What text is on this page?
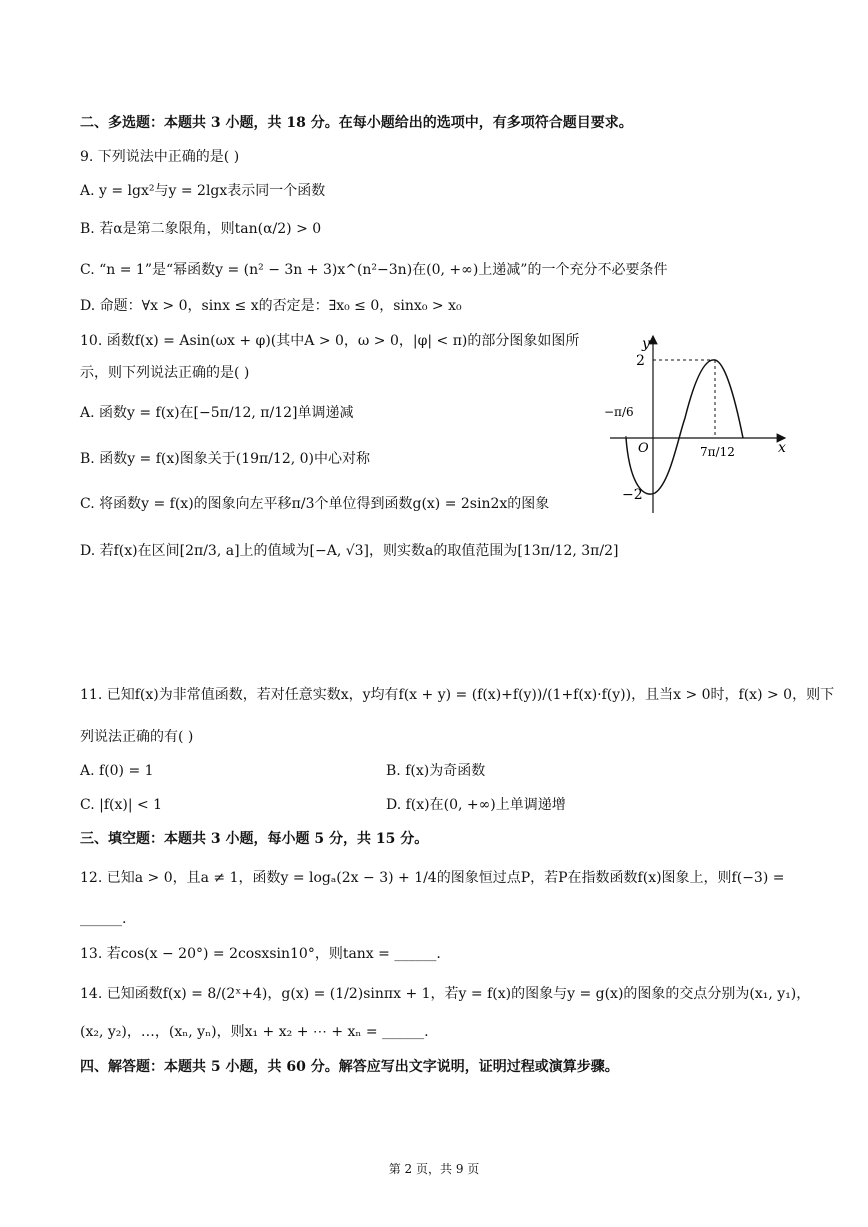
二、多选题：本题共 3 小题，共 18 分。在每小题给出的选项中，有多项符合题目要求。
9. 下列说法中正确的是( )
A. y = lgx²与y = 2lgx表示同一个函数
B. 若α是第二象限角，则tan(α/2) > 0
C. “n = 1”是“幂函数y = (n² − 3n + 3)x^(n²−3n)在(0, +∞)上递减”的一个充分不必要条件
D. 命题：∀x > 0，sinx ≤ x的否定是：∃x₀ ≤ 0，sinx₀ > x₀
10. 函数f(x) = Asin(ωx + φ)(其中A > 0，ω > 0，|φ| < π)的部分图象如图所
示，则下列说法正确的是( )
A. 函数y = f(x)在[−5π/12, π/12]单调递减
B. 函数y = f(x)图象关于(19π/12, 0)中心对称
C. 将函数y = f(x)的图象向左平移π/3个单位得到函数g(x) = 2sin2x的图象
D. 若f(x)在区间[2π/3, a]上的值域为[−A, √3]，则实数a的取值范围为[13π/12, 3π/2]
y
x
O
2
−2
−π/6
7π/12
11. 已知f(x)为非常值函数，若对任意实数x，y均有f(x + y) = (f(x)+f(y))/(1+f(x)·f(y))，且当x > 0时，f(x) > 0，则下
列说法正确的有( )
A. f(0) = 1	B. f(x)为奇函数
C. |f(x)| < 1	D. f(x)在(0, +∞)上单调递增
三、填空题：本题共 3 小题，每小题 5 分，共 15 分。
12. 已知a > 0，且a ≠ 1，函数y = logₐ(2x − 3) + 1/4的图象恒过点P，若P在指数函数f(x)图象上，则f(−3) =
______.
13. 若cos(x − 20°) = 2cosxsin10°，则tanx = ______.
14. 已知函数f(x) = 8/(2ˣ+4)，g(x) = (1/2)sinπx + 1，若y = f(x)的图象与y = g(x)的图象的交点分别为(x₁, y₁)，
(x₂, y₂)，…，(xₙ, yₙ)，则x₁ + x₂ + ⋯ + xₙ = ______.
四、解答题：本题共 5 小题，共 60 分。解答应写出文字说明，证明过程或演算步骤。
第 2 页，共 9 页
